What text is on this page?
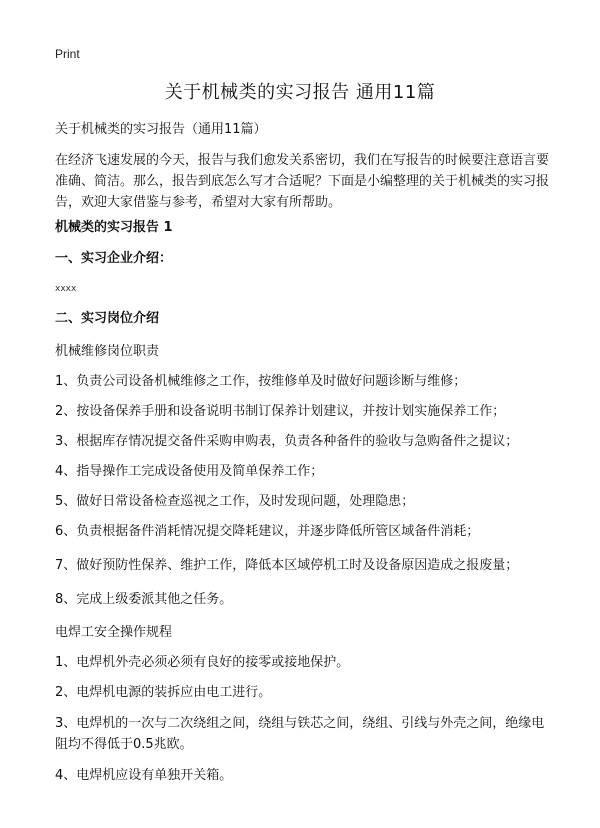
Print
关于机械类的实习报告 通用11篇

关于机械类的实习报告（通用11篇）

在经济飞速发展的今天，报告与我们愈发关系密切，我们在写报告的时候要注意语言要准确、简洁。那么，报告到底怎么写才合适呢？下面是小编整理的关于机械类的实习报告，欢迎大家借鉴与参考，希望对大家有所帮助。

机械类的实习报告 1

一、实习企业介绍：

xxxx

二、实习岗位介绍

机械维修岗位职责

1、负责公司设备机械维修之工作，按维修单及时做好问题诊断与维修；

2、按设备保养手册和设备说明书制订保养计划建议，并按计划实施保养工作；

3、根据库存情况提交备件采购申购表，负责各种备件的验收与急购备件之提议；

4、指导操作工完成设备使用及简单保养工作；

5、做好日常设备检查巡视之工作，及时发现问题，处理隐患；

6、负责根据备件消耗情况提交降耗建议，并逐步降低所管区域备件消耗；

7、做好预防性保养、维护工作，降低本区域停机工时及设备原因造成之报废量；

8、完成上级委派其他之任务。

电焊工安全操作规程

1、电焊机外壳必须必须有良好的接零或接地保护。

2、电焊机电源的装拆应由电工进行。

3、电焊机的一次与二次绕组之间，绕组与铁芯之间，绕组、引线与外壳之间，绝缘电阻均不得低于0.5兆欧。

4、电焊机应设有单独开关箱。
